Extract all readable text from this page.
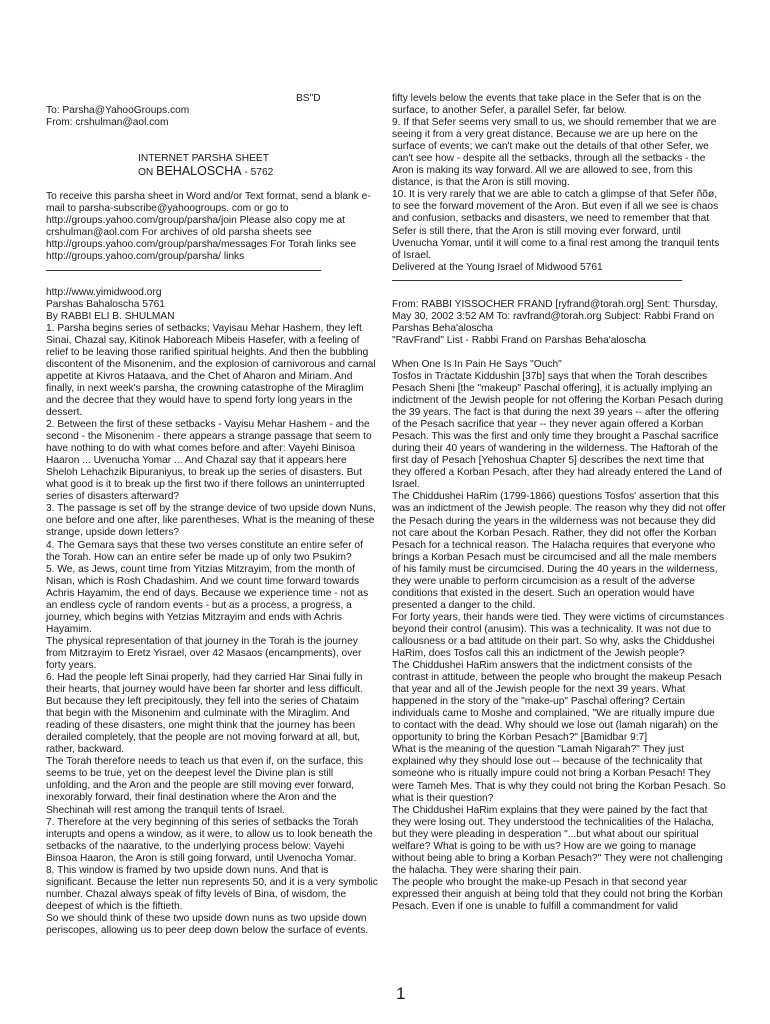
BS"D

To: Parsha@YahooGroups.com

From: crshulman@aol.com

INTERNET PARSHA SHEET

ON BEHALOSCHA - 5762

To receive this parsha sheet in Word and/or Text format, send a blank e-mail to parsha-subscribe@yahoogroups. com or go to http://groups.yahoo.com/group/parsha/join Please also copy me at crshulman@aol.com For archives of old parsha sheets see http://groups.yahoo.com/group/parsha/messages For Torah links see http://groups.yahoo.com/group/parsha/ links

http://www.yimidwood.org

Parshas Bahaloscha 5761

By RABBI ELI B. SHULMAN

1. Parsha begins series of setbacks; Vayisau Mehar Hashem, they left Sinai, Chazal say, Kitinok Haboreach Mibeis Hasefer, with a feeling of relief to be leaving those rarified spiritual heights. And then the bubbling discontent of the Misonenim, and the explosion of carnivorous and carnal appetite at Kivros Hataava, and the Chet of Aharon and Miriam. And finally, in next week's parsha, the crowning catastrophe of the Miraglim and the decree that they would have to spend forty long years in the dessert.

2. Between the first of these setbacks - Vayisu Mehar Hashem - and the second - the Misonenim - there appears a strange passage that seem to have nothing to do with what comes before and after: Vayehi Binisoa Haaron ... Uvenucha Yomar ... And Chazal say that it appears here Sheloh Lehachzik Bipuraniyus, to break up the series of disasters. But what good is it to break up the first two if there follows an uninterrupted series of disasters afterward?

3. The passage is set off by the strange device of two upside down Nuns, one before and one after, like parentheses. What is the meaning of these strange, upside down letters?

4. The Gemara says that these two verses constitute an entire sefer of the Torah. How can an entire sefer be made up of only two Psukim?

5. We, as Jews, count time from Yitzias Mitzrayim, from the month of Nisan, which is Rosh Chadashim. And we count time forward towards Achris Hayamim, the end of days. Because we experience time - not as an endless cycle of random events - but as a process, a progress, a journey, which begins with Yetzias Mitzrayim and ends with Achris Hayamim.

The physical representation of that journey in the Torah is the journey from Mitzrayim to Eretz Yisrael, over 42 Masaos (encampments), over forty years.

6. Had the people left Sinai properly, had they carried Har Sinai fully in their hearts, that journey would have been far shorter and less difficult. But because they left precipitously, they fell into the series of Chataim that begin with the Misonenim and culminate with the Miraglim. And reading of these disasters, one might think that the journey has been derailed completely, that the people are not moving forward at all, but, rather, backward.

The Torah therefore needs to teach us that even if, on the surface, this seems to be true, yet on the deepest level the Divine plan is still unfolding, and the Aron and the people are still moving ever forward, inexorably forward, their final destination where the Aron and the Shechinah will rest among the tranquil tents of Israel.

7. Therefore at the very beginning of this series of setbacks the Torah interupts and opens a window, as it were, to allow us to look beneath the setbacks of the naarative, to the underlying process below: Vayehi Binsoa Haaron, the Aron is still going forward, until Uvenocha Yomar.

8. This window is framed by two upside down nuns. And that is significant. Because the letter nun represents 50, and it is a very symbolic number. Chazal always speak of fifty levels of Bina, of wisdom, the deepest of which is the fiftieth.

So we should think of these two upside down nuns as two upside down periscopes, allowing us to peer deep down below the surface of events.

fifty levels below the events that take place in the Sefer that is on the surface, to another Sefer, a parallel Sefer, far below.

9. If that Sefer seems very small to us, we should remember that we are seeing it from a very great distance. Because we are up here on the surface of events; we can't make out the details of that other Sefer, we can't see how - despite all the setbacks, through all the setbacks - the Aron is making its way forward. All we are allowed to see, from this distance, is that the Aron is still moving.

10. It is very rarely that we are able to catch a glimpse of that Sefer ñõø, to see the forward movement of the Aron. But even if all we see is chaos and confusion, setbacks and disasters, we need to remember that that Sefer is still there, that the Aron is still moving ever forward, until Uvenucha Yomar, until it will come to a final rest among the tranquil tents of Israel.

Delivered at the Young Israel of Midwood 5761

From: RABBI YISSOCHER FRAND [ryfrand@torah.org] Sent: Thursday, May 30, 2002 3:52 AM To: ravfrand@torah.org Subject: Rabbi Frand on Parshas Beha'aloscha

"RavFrand" List - Rabbi Frand on Parshas Beha'aloscha

When One Is In Pain He Says "Ouch"

Tosfos in Tractate Kiddushin [37b] says that when the Torah describes Pesach Sheni [the "makeup" Paschal offering], it is actually implying an indictment of the Jewish people for not offering the Korban Pesach during the 39 years. The fact is that during the next 39 years -- after the offering of the Pesach sacrifice that year -- they never again offered a Korban Pesach. This was the first and only time they brought a Paschal sacrifice during their 40 years of wandering in the wilderness. The Haftorah of the first day of Pesach [Yehoshua Chapter 5] describes the next time that they offered a Korban Pesach, after they had already entered the Land of Israel.

The Chiddushei HaRim (1799-1866) questions Tosfos' assertion that this was an indictment of the Jewish people. The reason why they did not offer the Pesach during the years in the wilderness was not because they did not care about the Korban Pesach. Rather, they did not offer the Korban Pesach for a technical reason. The Halacha requires that everyone who brings a Korban Pesach must be circumcised and all the male members of his family must be circumcised. During the 40 years in the wilderness, they were unable to perform circumcision as a result of the adverse conditions that existed in the desert. Such an operation would have presented a danger to the child.

For forty years, their hands were tied. They were victims of circumstances beyond their control (anusim). This was a technicality. It was not due to callousness or a bad attitude on their part. So why, asks the Chiddushei HaRim, does Tosfos call this an indictment of the Jewish people?

The Chiddushei HaRim answers that the indictment consists of the contrast in attitude, between the people who brought the makeup Pesach that year and all of the Jewish people for the next 39 years. What happened in the story of the "make-up" Paschal offering? Certain individuals came to Moshe and complained, "We are ritually impure due to contact with the dead. Why should we lose out (lamah nigarah) on the opportunity to bring the Korban Pesach?" [Bamidbar 9:7]

What is the meaning of the question "Lamah Nigarah?" They just explained why they should lose out -- because of the technicality that someone who is ritually impure could not bring a Korban Pesach! They were Tameh Mes. That is why they could not bring the Korban Pesach. So what is their question?

The Chiddushei HaRim explains that they were pained by the fact that they were losing out. They understood the technicalities of the Halacha, but they were pleading in desperation "...but what about our spiritual welfare? What is going to be with us? How are we going to manage without being able to bring a Korban Pesach?" They were not challenging the halacha. They were sharing their pain.

The people who brought the make-up Pesach in that second year expressed their anguish at being told that they could not bring the Korban Pesach. Even if one is unable to fulfill a commandment for valid

1
